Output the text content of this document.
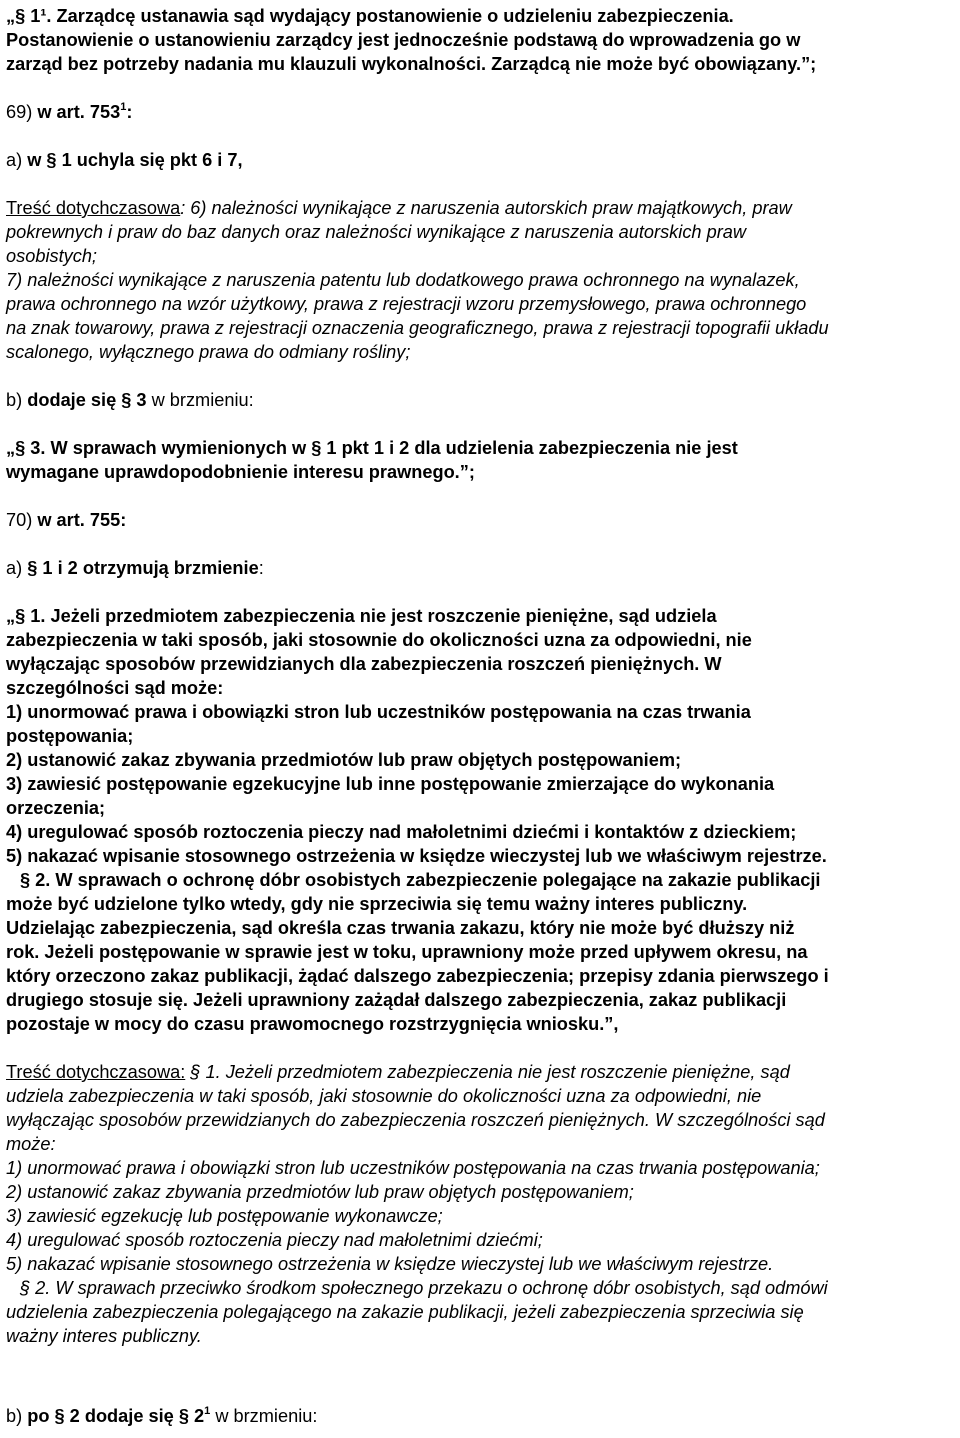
„§ 1¹. Zarządcę ustanawia sąd wydający postanowienie o udzieleniu zabezpieczenia.
Postanowienie o ustanowieniu zarządcy jest jednocześnie podstawą do wprowadzenia go w
zarząd bez potrzeby nadania mu klauzuli wykonalności. Zarządcą nie może być obowiązany.”;
69) w art. $753^1$:
a) w § 1 uchyla się pkt 6 i 7,
Treść dotychczasowa: 6) należności wynikające z naruszenia autorskich praw majątkowych, praw
pokrewnych i praw do baz danych oraz należności wynikające z naruszenia autorskich praw
osobistych;
7) należności wynikające z naruszenia patentu lub dodatkowego prawa ochronnego na wynalazek,
prawa ochronnego na wzór użytkowy, prawa z rejestracji wzoru przemysłowego, prawa ochronnego
na znak towarowy, prawa z rejestracji oznaczenia geograficznego, prawa z rejestracji topografii układu
scalonego, wyłącznego prawa do odmiany rośliny;
b) dodaje się § 3 w brzmieniu:
„§ 3. W sprawach wymienionych w § 1 pkt 1 i 2 dla udzielenia zabezpieczenia nie jest
wymagane uprawdopodobnienie interesu prawnego.”;
70) w art. 755:
a) § 1 i 2 otrzymują brzmienie:
„§ 1. Jeżeli przedmiotem zabezpieczenia nie jest roszczenie pieniężne, sąd udziela
zabezpieczenia w taki sposób, jaki stosownie do okoliczności uzna za odpowiedni, nie
wyłączając sposobów przewidzianych dla zabezpieczenia roszczeń pieniężnych. W
szczególności sąd może:
1) unormować prawa i obowiązki stron lub uczestników postępowania na czas trwania
postępowania;
2) ustanowić zakaz zbywania przedmiotów lub praw objętych postępowaniem;
3) zawiesić postępowanie egzekucyjne lub inne postępowanie zmierzające do wykonania
orzeczenia;
4) uregulować sposób roztoczenia pieczy nad małoletnimi dziećmi i kontaktów z dzieckiem;
5) nakazać wpisanie stosownego ostrzeżenia w księdze wieczystej lub we właściwym rejestrze.
§ 2. W sprawach o ochronę dóbr osobistych zabezpieczenie polegające na zakazie publikacji
może być udzielone tylko wtedy, gdy nie sprzeciwia się temu ważny interes publiczny.
Udzielając zabezpieczenia, sąd określa czas trwania zakazu, który nie może być dłuższy niż
rok. Jeżeli postępowanie w sprawie jest w toku, uprawniony może przed upływem okresu, na
który orzeczono zakaz publikacji, żądać dalszego zabezpieczenia; przepisy zdania pierwszego i
drugiego stosuje się. Jeżeli uprawniony zażądał dalszego zabezpieczenia, zakaz publikacji
pozostaje w mocy do czasu prawomocnego rozstrzygnięcia wniosku.”,
Treść dotychczasowa: § 1. Jeżeli przedmiotem zabezpieczenia nie jest roszczenie pieniężne, sąd
udziela zabezpieczenia w taki sposób, jaki stosownie do okoliczności uzna za odpowiedni, nie
wyłączając sposobów przewidzianych do zabezpieczenia roszczeń pieniężnych. W szczególności sąd
może:
1) unormować prawa i obowiązki stron lub uczestników postępowania na czas trwania postępowania;
2) ustanowić zakaz zbywania przedmiotów lub praw objętych postępowaniem;
3) zawiesić egzekucję lub postępowanie wykonawcze;
4) uregulować sposób roztoczenia pieczy nad małoletnimi dziećmi;
5) nakazać wpisanie stosownego ostrzeżenia w księdze wieczystej lub we właściwym rejestrze.
§ 2. W sprawach przeciwko środkom społecznego przekazu o ochronę dóbr osobistych, sąd odmówi
udzielenia zabezpieczenia polegającego na zakazie publikacji, jeżeli zabezpieczenia sprzeciwia się
ważny interes publiczny.
b) po § 2 dodaje się § $2^1$ w brzmieniu:
